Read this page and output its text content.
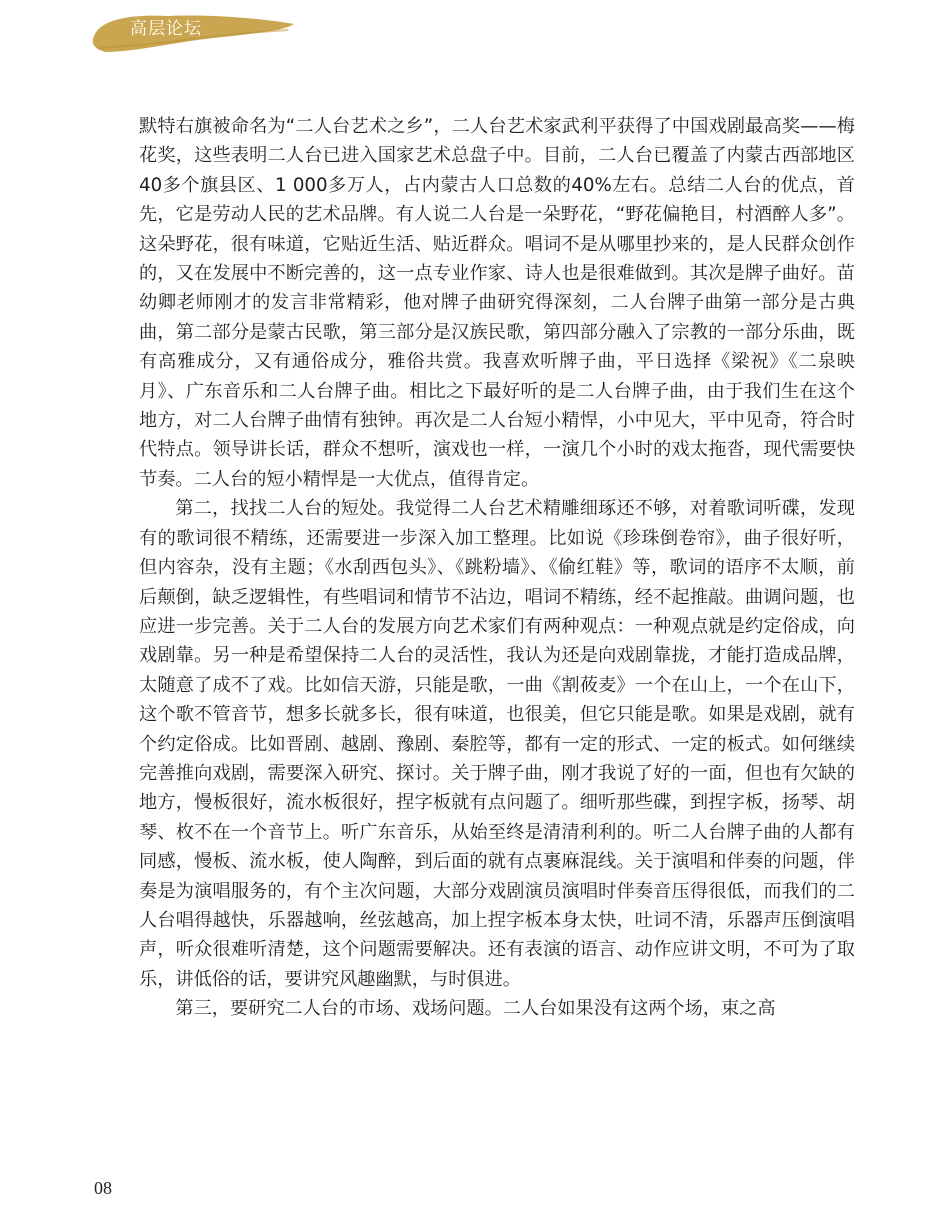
高层论坛

默特右旗被命名为“二人台艺术之乡”，二人台艺术家武利平获得了中国戏剧最高奖——梅花奖，这些表明二人台已进入国家艺术总盘子中。目前，二人台已覆盖了内蒙古西部地区40多个旗县区、1 000多万人，占内蒙古人口总数的40%左右。总结二人台的优点，首先，它是劳动人民的艺术品牌。有人说二人台是一朵野花，“野花偏艳目，村酒醉人多”。这朵野花，很有味道，它贴近生活、贴近群众。唱词不是从哪里抄来的，是人民群众创作的，又在发展中不断完善的，这一点专业作家、诗人也是很难做到。其次是牌子曲好。苗幼卿老师刚才的发言非常精彩，他对牌子曲研究得深刻，二人台牌子曲第一部分是古典曲，第二部分是蒙古民歌，第三部分是汉族民歌，第四部分融入了宗教的一部分乐曲，既有高雅成分，又有通俗成分，雅俗共赏。我喜欢听牌子曲，平日选择《梁祝》《二泉映月》、广东音乐和二人台牌子曲。相比之下最好听的是二人台牌子曲，由于我们生在这个地方，对二人台牌子曲情有独钟。再次是二人台短小精悍，小中见大，平中见奇，符合时代特点。领导讲长话，群众不想听，演戏也一样，一演几个小时的戏太拖沓，现代需要快节奏。二人台的短小精悍是一大优点，值得肯定。

第二，找找二人台的短处。我觉得二人台艺术精雕细琢还不够，对着歌词听碟，发现有的歌词很不精练，还需要进一步深入加工整理。比如说《珍珠倒卷帘》，曲子很好听，但内容杂，没有主题；《水刮西包头》、《跳粉墙》、《偷红鞋》等，歌词的语序不太顺，前后颠倒，缺乏逻辑性，有些唱词和情节不沾边，唱词不精练，经不起推敲。曲调问题，也应进一步完善。关于二人台的发展方向艺术家们有两种观点：一种观点就是约定俗成，向戏剧靠。另一种是希望保持二人台的灵活性，我认为还是向戏剧靠拢，才能打造成品牌，太随意了成不了戏。比如信天游，只能是歌，一曲《割莜麦》一个在山上，一个在山下，这个歌不管音节，想多长就多长，很有味道，也很美，但它只能是歌。如果是戏剧，就有个约定俗成。比如晋剧、越剧、豫剧、秦腔等，都有一定的形式、一定的板式。如何继续完善推向戏剧，需要深入研究、探讨。关于牌子曲，刚才我说了好的一面，但也有欠缺的地方，慢板很好，流水板很好，捏字板就有点问题了。细听那些碟，到捏字板，扬琴、胡琴、枚不在一个音节上。听广东音乐，从始至终是清清利利的。听二人台牌子曲的人都有同感，慢板、流水板，使人陶醉，到后面的就有点裹麻混线。关于演唱和伴奏的问题，伴奏是为演唱服务的，有个主次问题，大部分戏剧演员演唱时伴奏音压得很低，而我们的二人台唱得越快，乐器越响，丝弦越高，加上捏字板本身太快，吐词不清，乐器声压倒演唱声，听众很难听清楚，这个问题需要解决。还有表演的语言、动作应讲文明，不可为了取乐，讲低俗的话，要讲究风趣幽默，与时俱进。

第三，要研究二人台的市场、戏场问题。二人台如果没有这两个场，束之高

08
